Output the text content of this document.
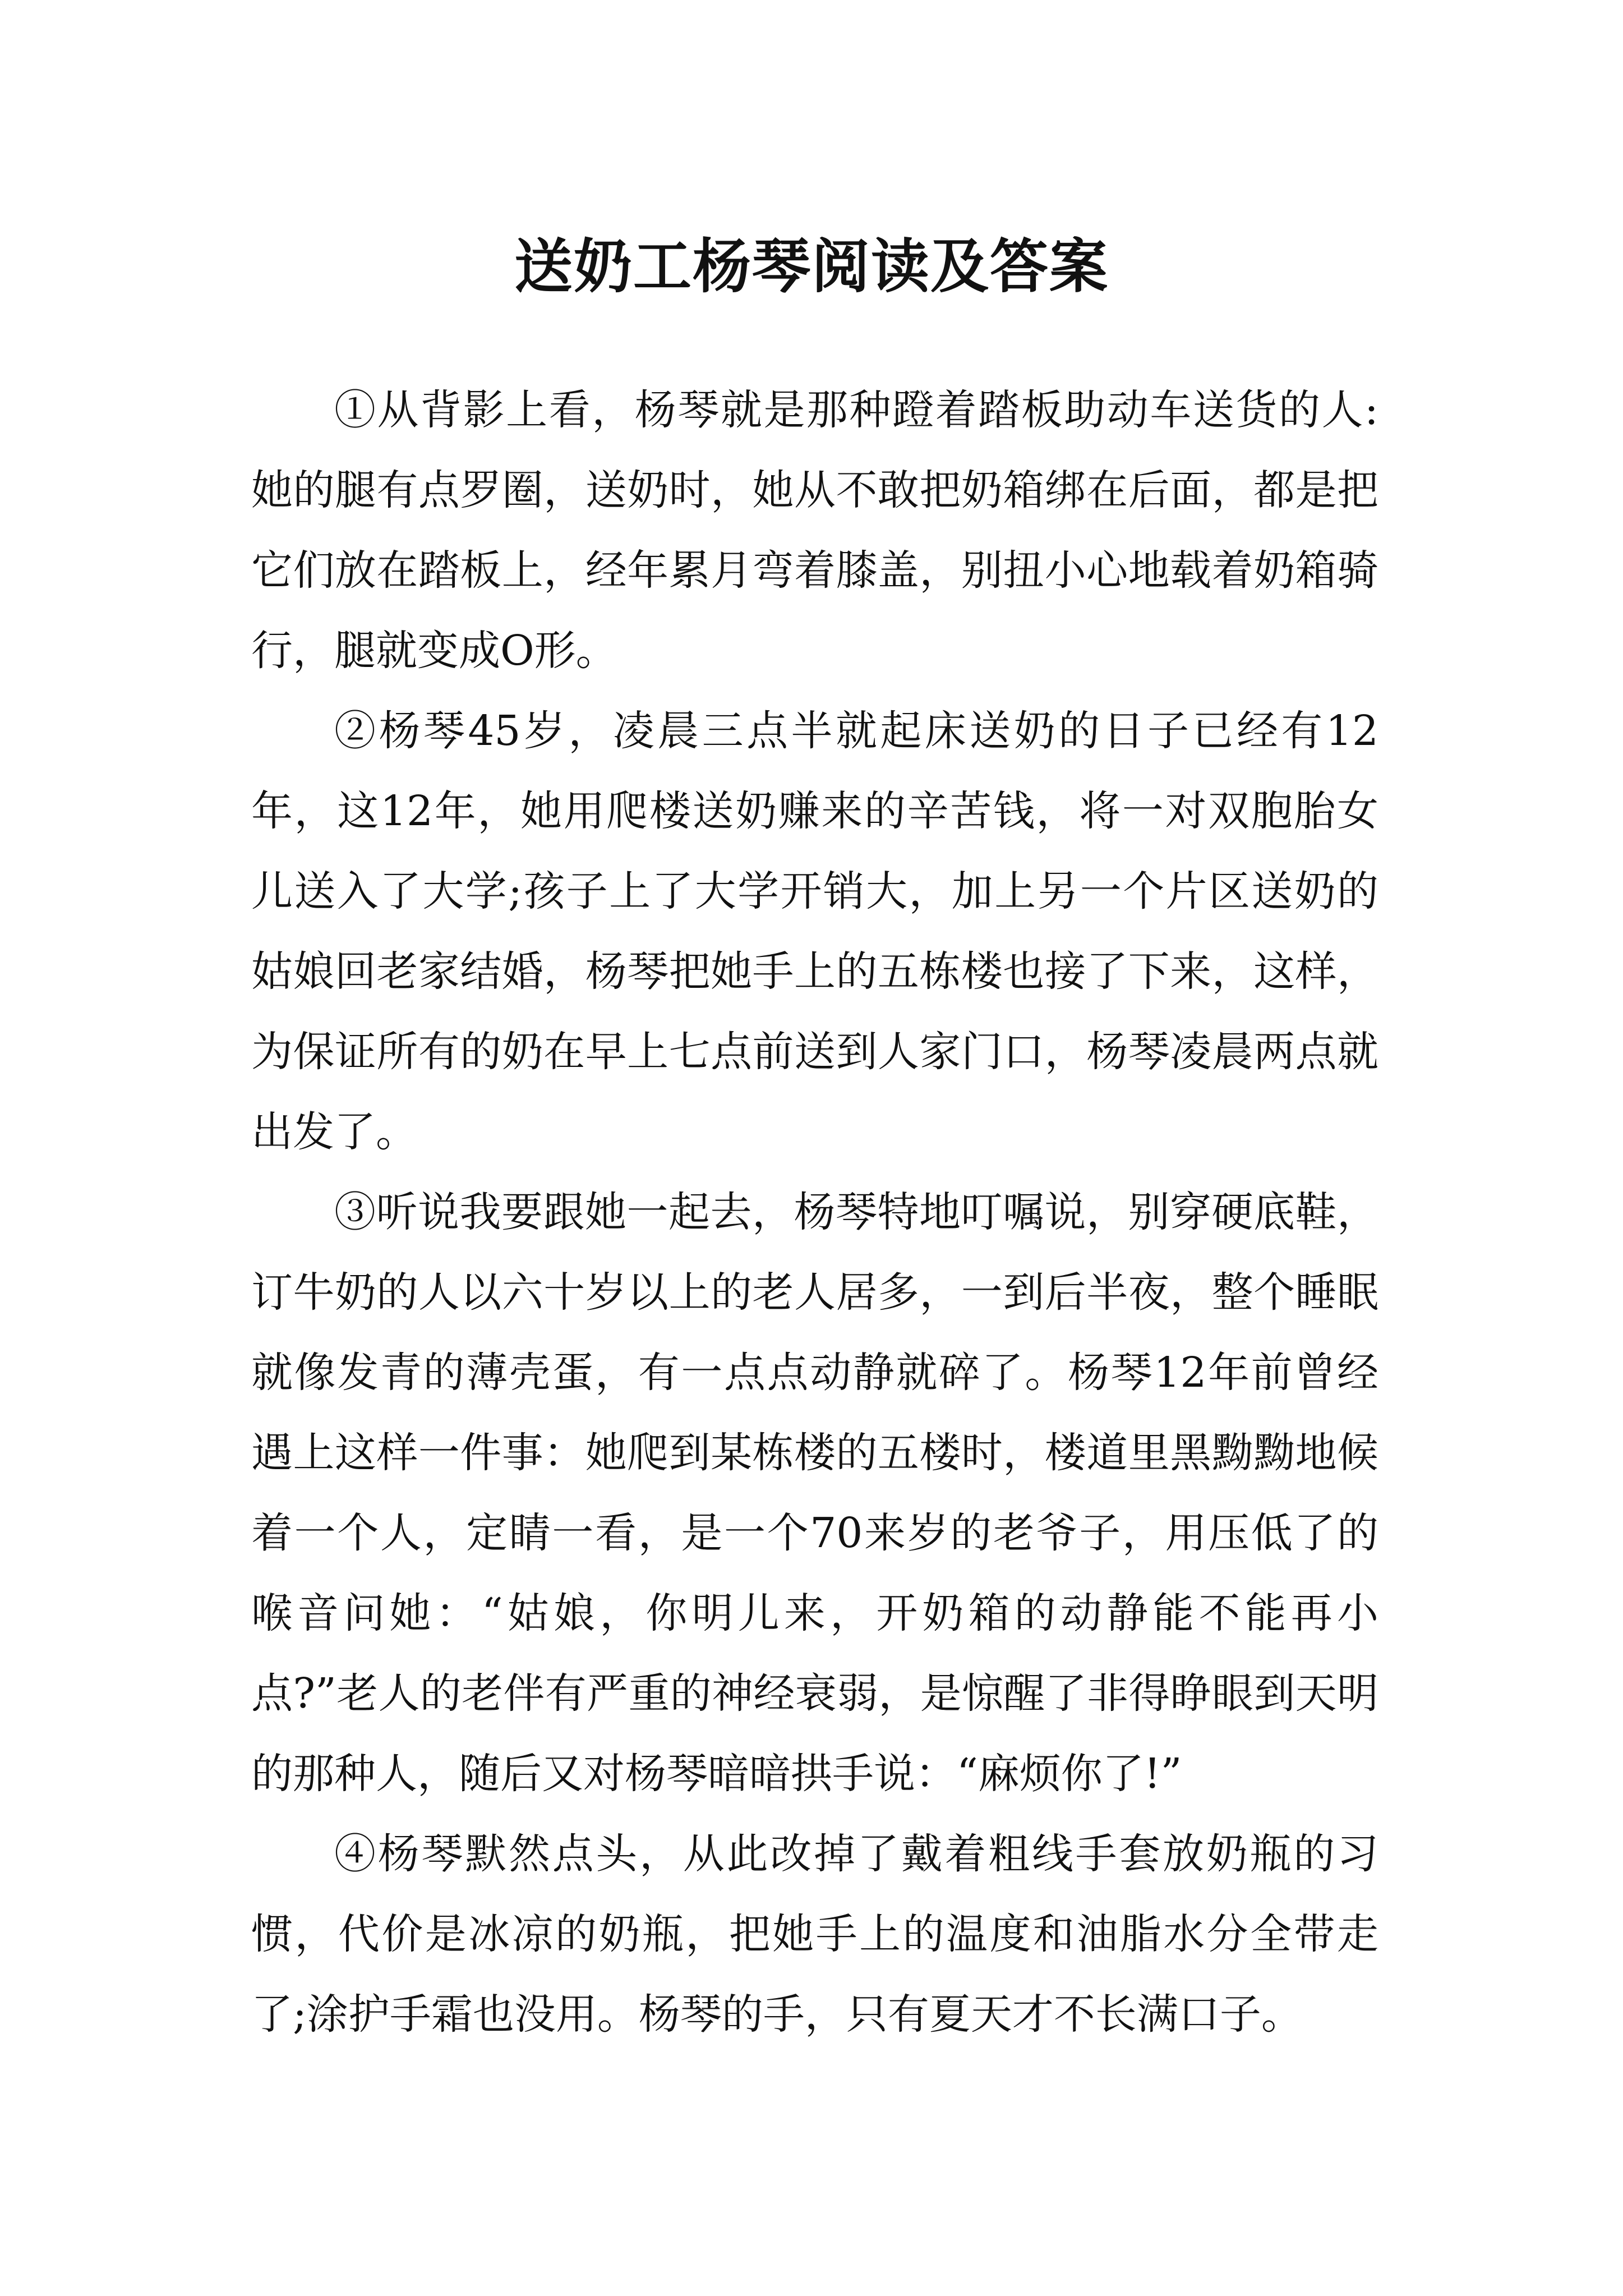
送奶工杨琴阅读及答案

①从背影上看，杨琴就是那种蹬着踏板助动车送货的人:她的腿有点罗圈，送奶时，她从不敢把奶箱绑在后面，都是把它们放在踏板上，经年累月弯着膝盖，别扭小心地载着奶箱骑行，腿就变成O形。

②杨琴45岁，凌晨三点半就起床送奶的日子已经有12年，这12年，她用爬楼送奶赚来的辛苦钱，将一对双胞胎女儿送入了大学;孩子上了大学开销大，加上另一个片区送奶的姑娘回老家结婚，杨琴把她手上的五栋楼也接了下来，这样，为保证所有的奶在早上七点前送到人家门口，杨琴凌晨两点就出发了。

③听说我要跟她一起去，杨琴特地叮嘱说，别穿硬底鞋，订牛奶的人以六十岁以上的老人居多，一到后半夜，整个睡眠就像发青的薄壳蛋，有一点点动静就碎了。杨琴12年前曾经遇上这样一件事：她爬到某栋楼的五楼时，楼道里黑黝黝地候着一个人，定睛一看，是一个70来岁的老爷子，用压低了的喉音问她：“姑娘，你明儿来，开奶箱的动静能不能再小点?”老人的老伴有严重的神经衰弱，是惊醒了非得睁眼到天明的那种人，随后又对杨琴暗暗拱手说：“麻烦你了!”

④杨琴默然点头，从此改掉了戴着粗线手套放奶瓶的习惯，代价是冰凉的奶瓶，把她手上的温度和油脂水分全带走了;涂护手霜也没用。杨琴的手，只有夏天才不长满口子。
